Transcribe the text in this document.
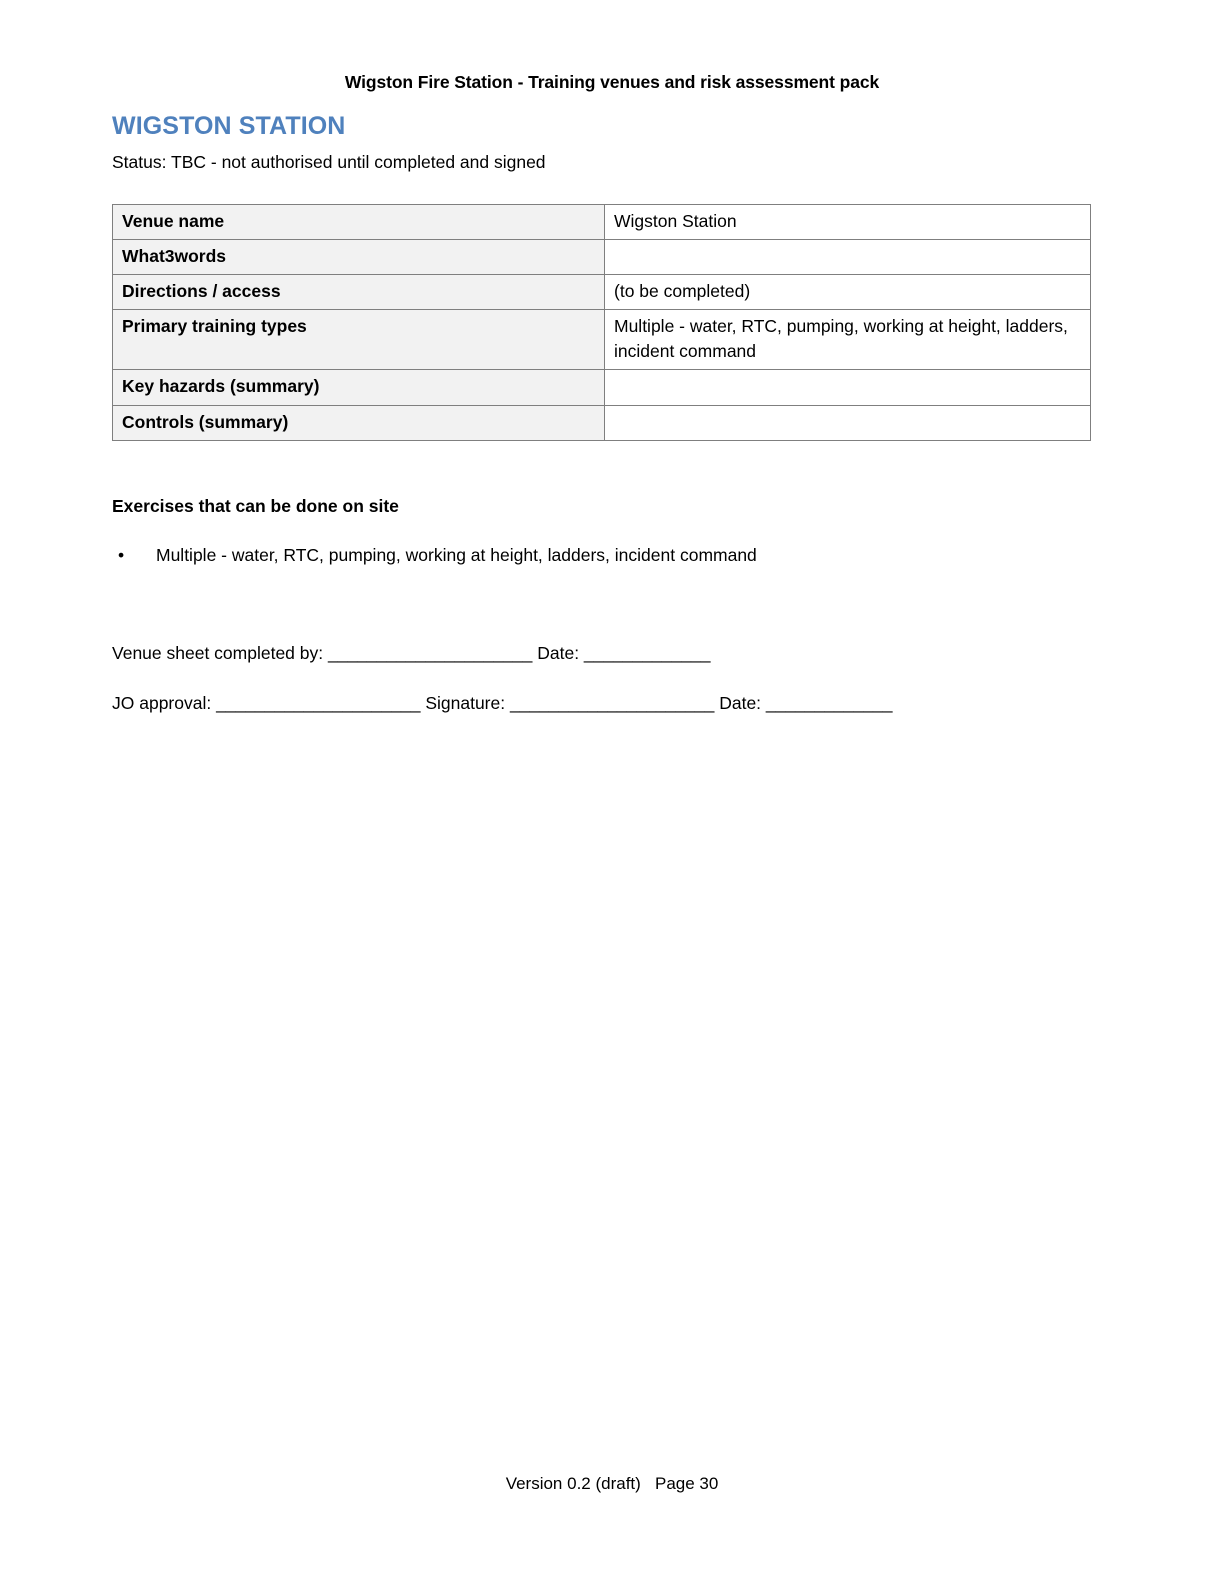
Wigston Fire Station - Training venues and risk assessment pack
WIGSTON STATION

Status: TBC - not authorised until completed and signed

Venue name	Wigston Station
What3words	
Directions / access	(to be completed)
Primary training types	Multiple - water, RTC, pumping, working at height, ladders, incident command
Key hazards (summary)	
Controls (summary)	
Exercises that can be done on site
• Multiple - water, RTC, pumping, working at height, ladders, incident command

Venue sheet completed by: _____________________ Date: _____________

JO approval: _____________________ Signature: _____________________ Date: _____________

Version 0.2 (draft)   Page 30
